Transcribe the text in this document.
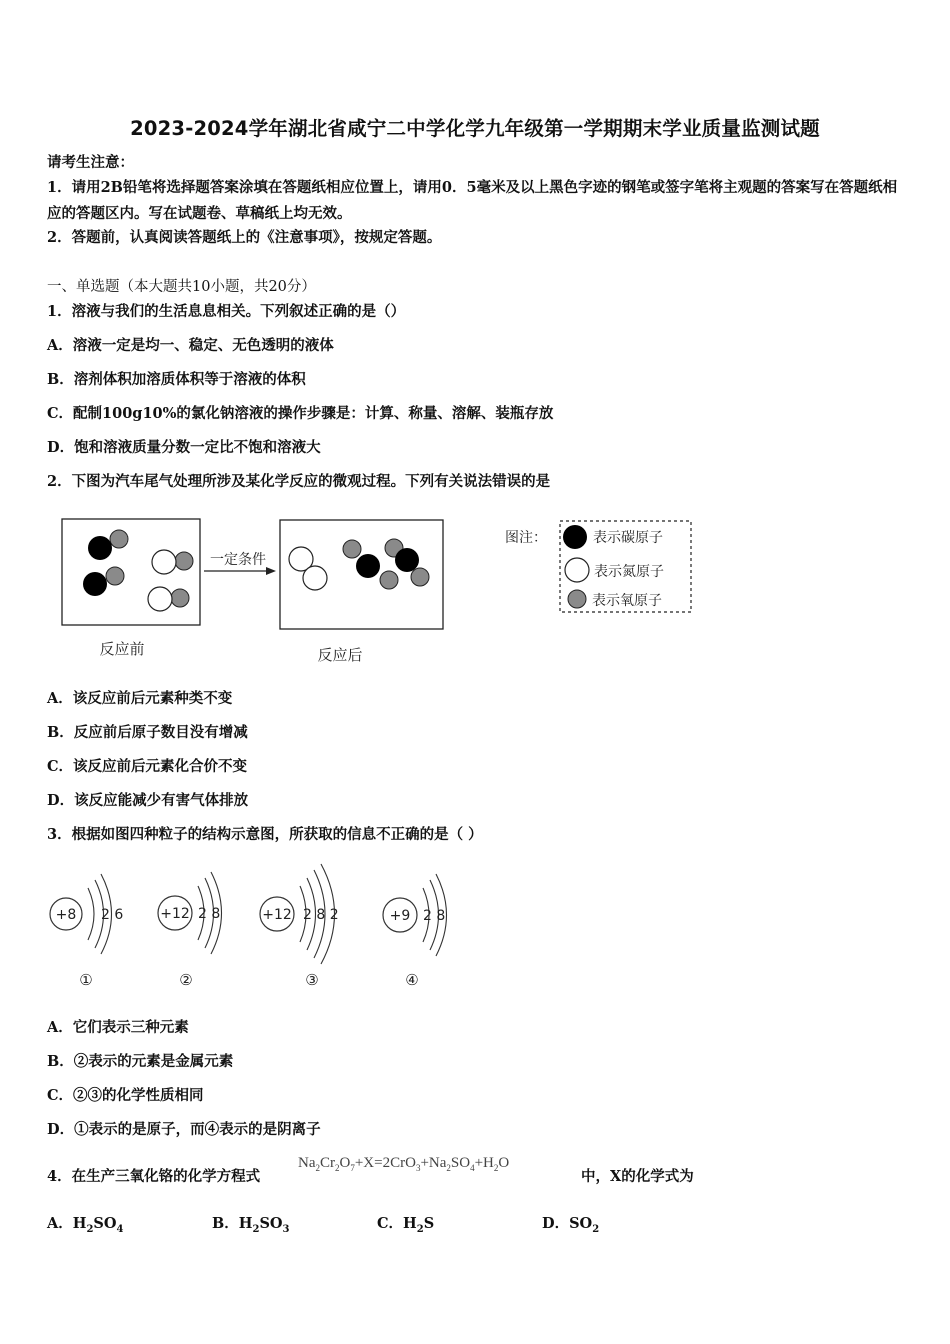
2023-2024学年湖北省咸宁二中学化学九年级第一学期期末学业质量监测试题
请考生注意：
1．请用2B铅笔将选择题答案涂填在答题纸相应位置上，请用0．5毫米及以上黑色字迹的钢笔或签字笔将主观题的答案写在答题纸相应的答题区内。写在试题卷、草稿纸上均无效。
2．答题前，认真阅读答题纸上的《注意事项》，按规定答题。
一、单选题（本大题共10小题，共20分）
1．溶液与我们的生活息息相关。下列叙述正确的是（）
A．溶液一定是均一、稳定、无色透明的液体
B．溶剂体积加溶质体积等于溶液的体积
C．配制100g10%的氯化钠溶液的操作步骤是：计算、称量、溶解、装瓶存放
D．饱和溶液质量分数一定比不饱和溶液大
2．下图为汽车尾气处理所涉及某化学反应的微观过程。下列有关说法错误的是
一定条件
反应前	反应后
图注：	表示碳原子
表示氮原子
表示氧原子
A．该反应前后元素种类不变
B．反应前后原子数目没有增减
C．该反应前后元素化合价不变
D．该反应能减少有害气体排放
3．根据如图四种粒子的结构示意图，所获取的信息不正确的是（ ）
+8 2 6
①
+12 2 8
②
+12 2 8 2
③
+9 2 8
④
A．它们表示三种元素
B．②表示的元素是金属元素
C．②③的化学性质相同
D．①表示的是原子，而④表示的是阴离子
4．在生产三氧化铬的化学方程式
$Na_2Cr_2O_7+X=2CrO_3+Na_2SO_4+H_2O$
中，X的化学式为
A．$H_2SO_4$	B．$H_2SO_3$	C．$H_2S$	D．$SO_2$
